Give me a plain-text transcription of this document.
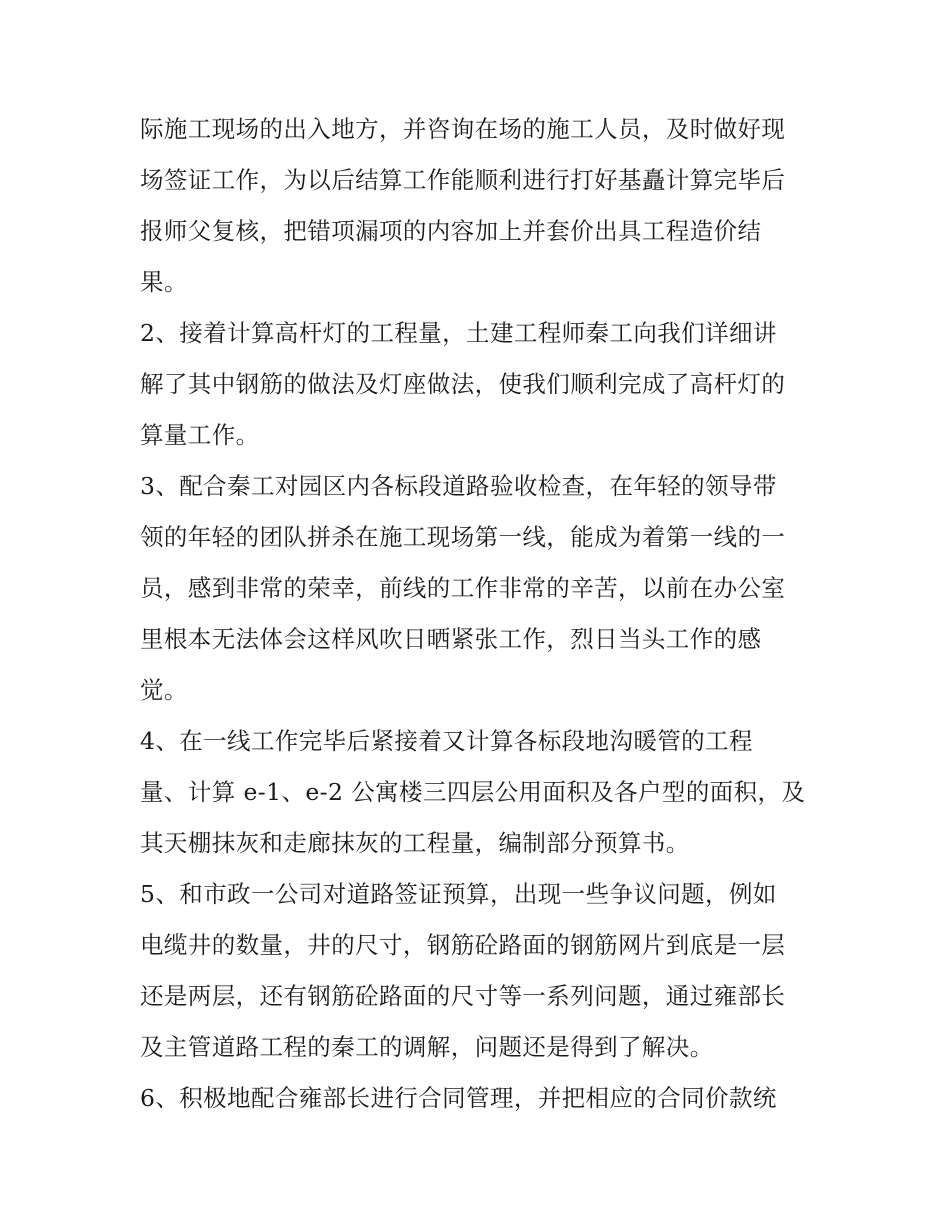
际施工现场的出入地方，并咨询在场的施工人员，及时做好现
场签证工作，为以后结算工作能顺利进行打好基矗计算完毕后
报师父复核，把错项漏项的内容加上并套价出具工程造价结
果。
2、接着计算高杆灯的工程量，土建工程师秦工向我们详细讲
解了其中钢筋的做法及灯座做法，使我们顺利完成了高杆灯的
算量工作。
3、配合秦工对园区内各标段道路验收检查，在年轻的领导带
领的年轻的团队拼杀在施工现场第一线，能成为着第一线的一
员，感到非常的荣幸，前线的工作非常的辛苦，以前在办公室
里根本无法体会这样风吹日晒紧张工作，烈日当头工作的感
觉。
4、在一线工作完毕后紧接着又计算各标段地沟暖管的工程
量、计算 e-1、e-2 公寓楼三四层公用面积及各户型的面积，及
其天棚抹灰和走廊抹灰的工程量，编制部分预算书。
5、和市政一公司对道路签证预算，出现一些争议问题，例如
电缆井的数量，井的尺寸，钢筋砼路面的钢筋网片到底是一层
还是两层，还有钢筋砼路面的尺寸等一系列问题，通过雍部长
及主管道路工程的秦工的调解，问题还是得到了解决。
6、积极地配合雍部长进行合同管理，并把相应的合同价款统
